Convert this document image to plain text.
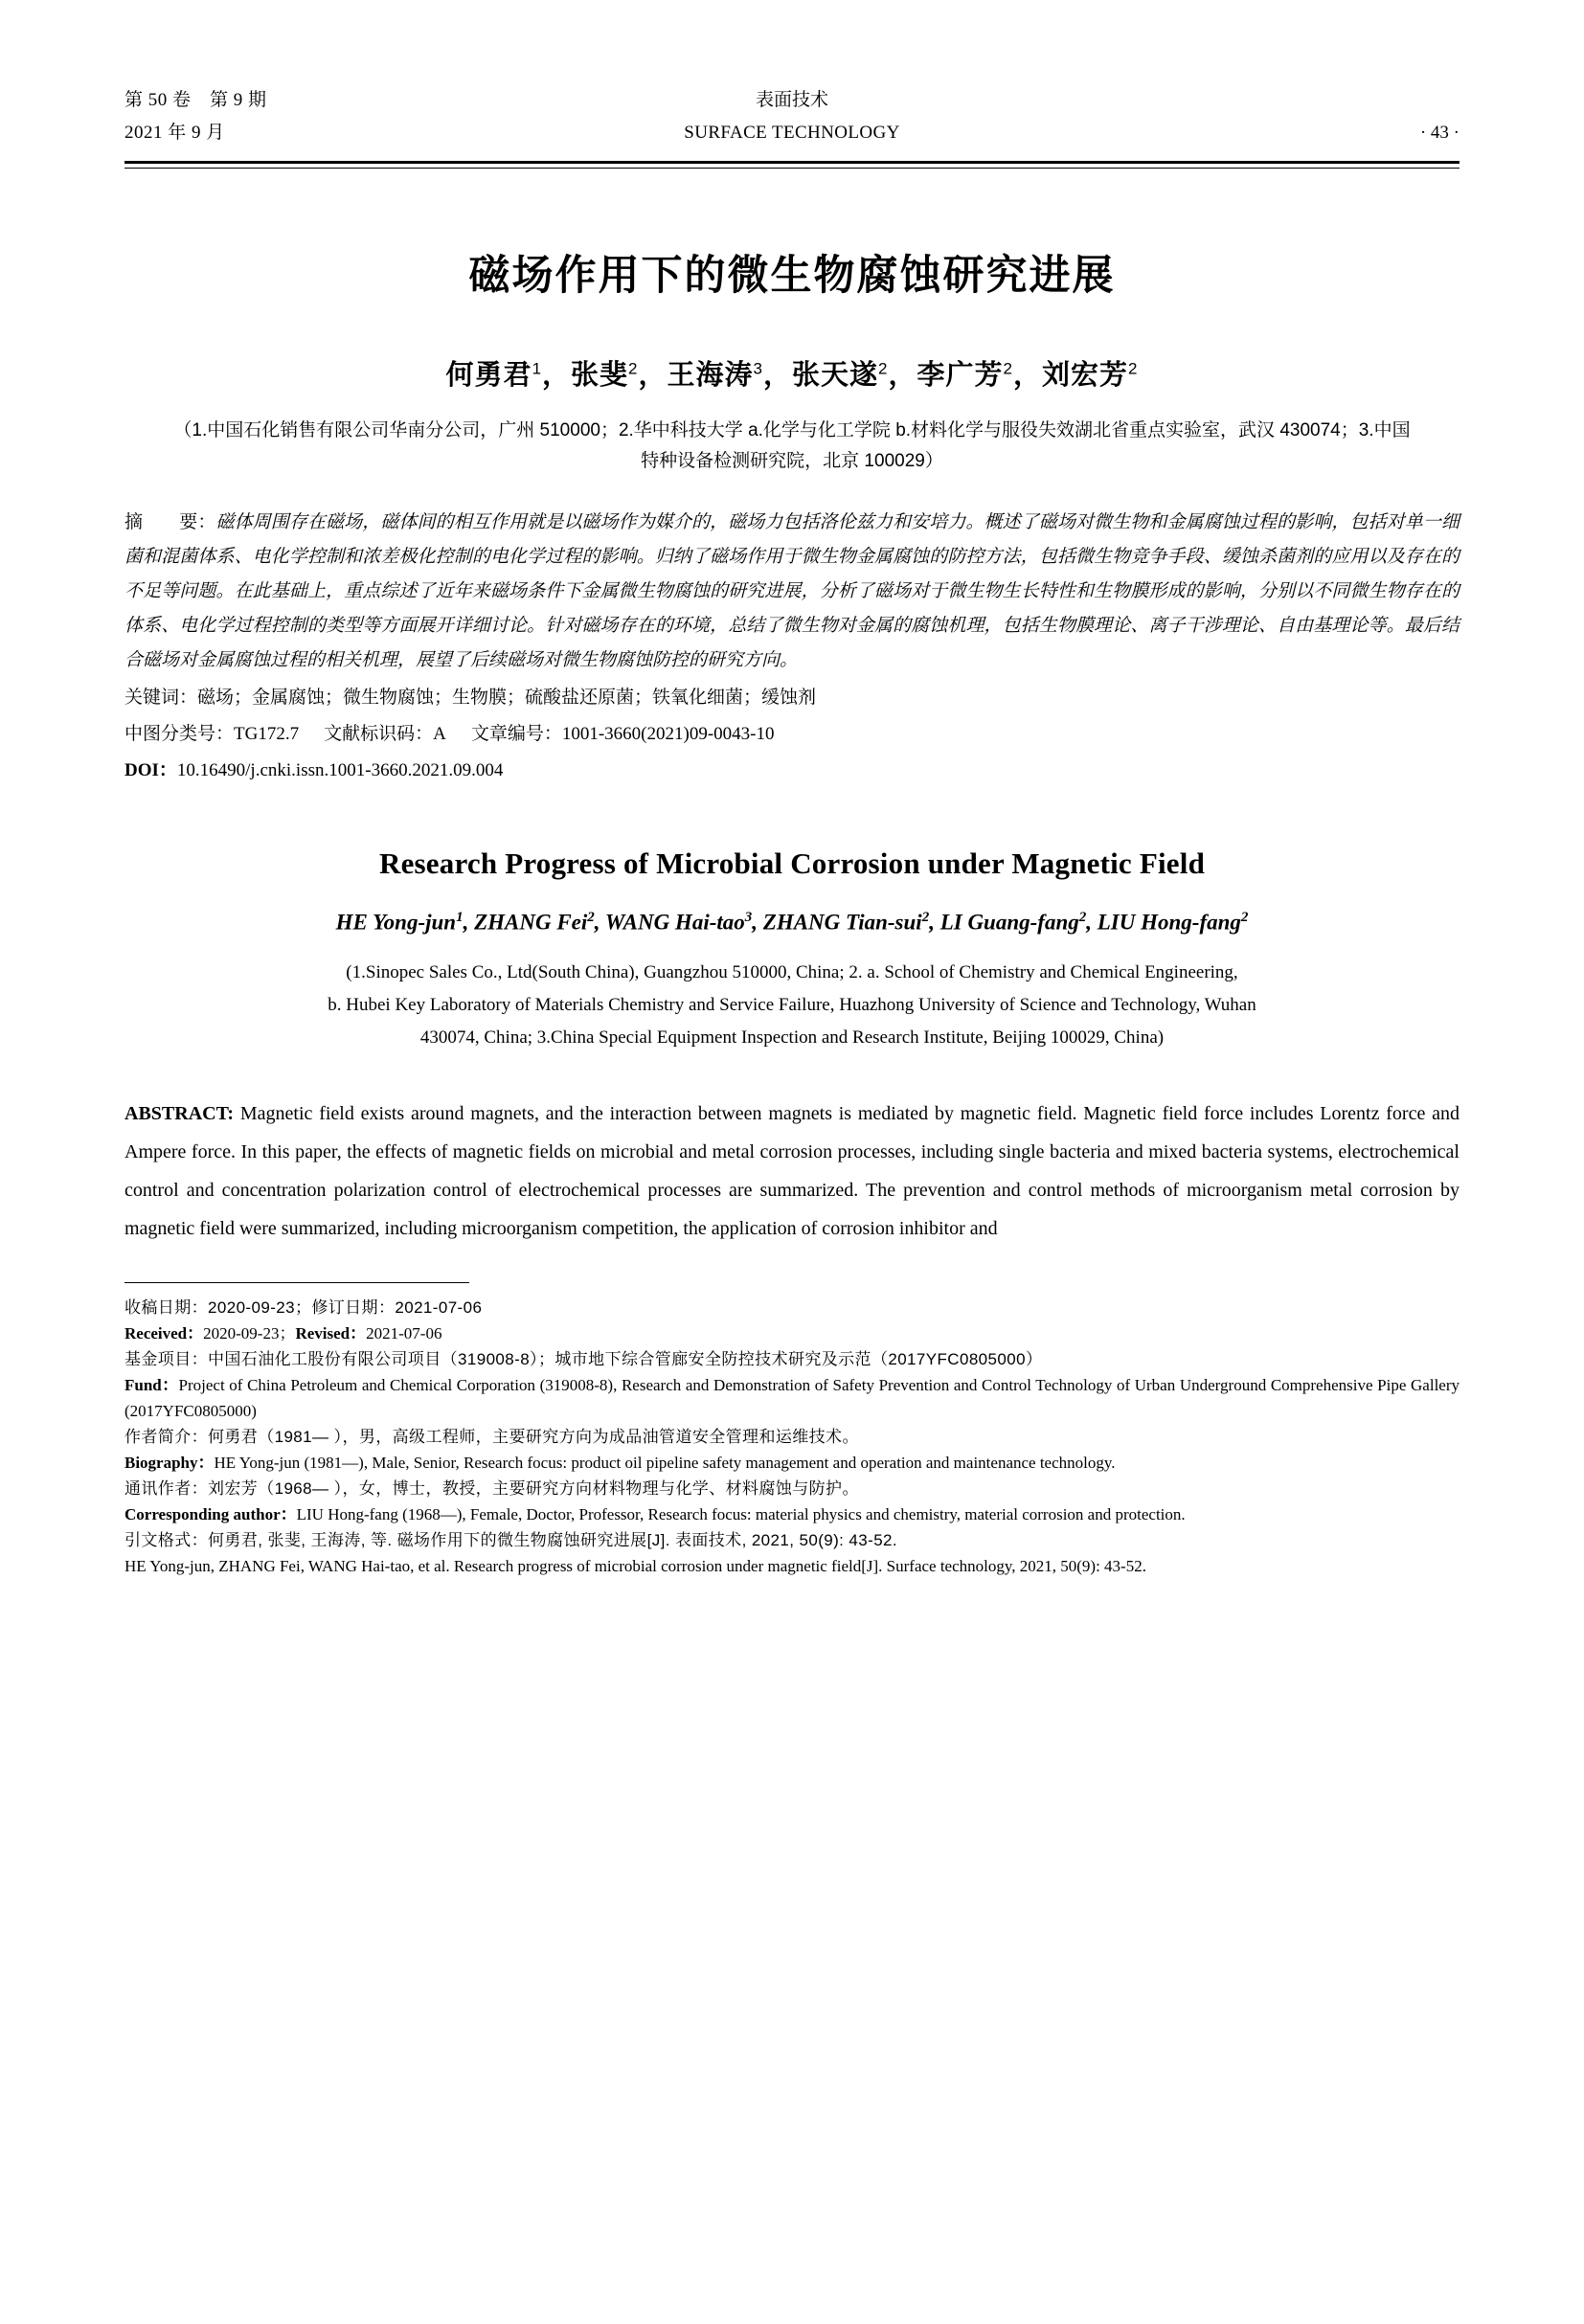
第 50 卷　第 9 期
2021 年 9 月
表面技术
SURFACE TECHNOLOGY	· 43 ·
磁场作用下的微生物腐蚀研究进展
何勇君$^1$，张斐$^2$，王海涛$^3$，张天遂$^2$，李广芳$^2$，刘宏芳$^2$
（1.中国石化销售有限公司华南分公司，广州 510000；2.华中科技大学 a.化学与化工学院 b.材料化学与服役失效湖北省重点实验室，武汉 430074；3.中国特种设备检测研究院，北京 100029）
摘　　要：磁体周围存在磁场，磁体间的相互作用就是以磁场作为媒介的，磁场力包括洛伦兹力和安培力。概述了磁场对微生物和金属腐蚀过程的影响，包括对单一细菌和混菌体系、电化学控制和浓差极化控制的电化学过程的影响。归纳了磁场作用于微生物金属腐蚀的防控方法，包括微生物竞争手段、缓蚀杀菌剂的应用以及存在的不足等问题。在此基础上，重点综述了近年来磁场条件下金属微生物腐蚀的研究进展，分析了磁场对于微生物生长特性和生物膜形成的影响，分别以不同微生物存在的体系、电化学过程控制的类型等方面展开详细讨论。针对磁场存在的环境，总结了微生物对金属的腐蚀机理，包括生物膜理论、离子干涉理论、自由基理论等。最后结合磁场对金属腐蚀过程的相关机理，展望了后续磁场对微生物腐蚀防控的研究方向。
关键词：磁场；金属腐蚀；微生物腐蚀；生物膜；硫酸盐还原菌；铁氧化细菌；缓蚀剂
中图分类号：TG172.7 文献标识码：A 文章编号：1001-3660(2021)09-0043-10
DOI：10.16490/j.cnki.issn.1001-3660.2021.09.004
Research Progress of Microbial Corrosion under Magnetic Field
HE Yong-jun$^1$, ZHANG Fei$^2$, WANG Hai-tao$^3$, ZHANG Tian-sui$^2$, LI Guang-fang$^2$, LIU Hong-fang$^2$
(1.Sinopec Sales Co., Ltd(South China), Guangzhou 510000, China; 2. a. School of Chemistry and Chemical Engineering,
b. Hubei Key Laboratory of Materials Chemistry and Service Failure, Huazhong University of Science and Technology, Wuhan
430074, China; 3.China Special Equipment Inspection and Research Institute, Beijing 100029, China)
ABSTRACT: Magnetic field exists around magnets, and the interaction between magnets is mediated by magnetic field. Magnetic field force includes Lorentz force and Ampere force. In this paper, the effects of magnetic fields on microbial and metal corrosion processes, including single bacteria and mixed bacteria systems, electrochemical control and concentration polarization control of electrochemical processes are summarized. The prevention and control methods of microorganism metal corrosion by magnetic field were summarized, including microorganism competition, the application of corrosion inhibitor and

收稿日期：2020-09-23；修订日期：2021-07-06

Received：2020-09-23；Revised：2021-07-06

基金项目：中国石油化工股份有限公司项目（319008-8）；城市地下综合管廊安全防控技术研究及示范（2017YFC0805000）

Fund：Project of China Petroleum and Chemical Corporation (319008-8), Research and Demonstration of Safety Prevention and Control Technology of Urban Underground Comprehensive Pipe Gallery (2017YFC0805000)

作者简介：何勇君（1981— ），男，高级工程师，主要研究方向为成品油管道安全管理和运维技术。

Biography：HE Yong-jun (1981—), Male, Senior, Research focus: product oil pipeline safety management and operation and maintenance technology.

通讯作者：刘宏芳（1968— ），女，博士，教授，主要研究方向材料物理与化学、材料腐蚀与防护。

Corresponding author：LIU Hong-fang (1968—), Female, Doctor, Professor, Research focus: material physics and chemistry, material corrosion and protection.

引文格式：何勇君, 张斐, 王海涛, 等. 磁场作用下的微生物腐蚀研究进展[J]. 表面技术, 2021, 50(9): 43-52.

HE Yong-jun, ZHANG Fei, WANG Hai-tao, et al. Research progress of microbial corrosion under magnetic field[J]. Surface technology, 2021, 50(9): 43-52.
